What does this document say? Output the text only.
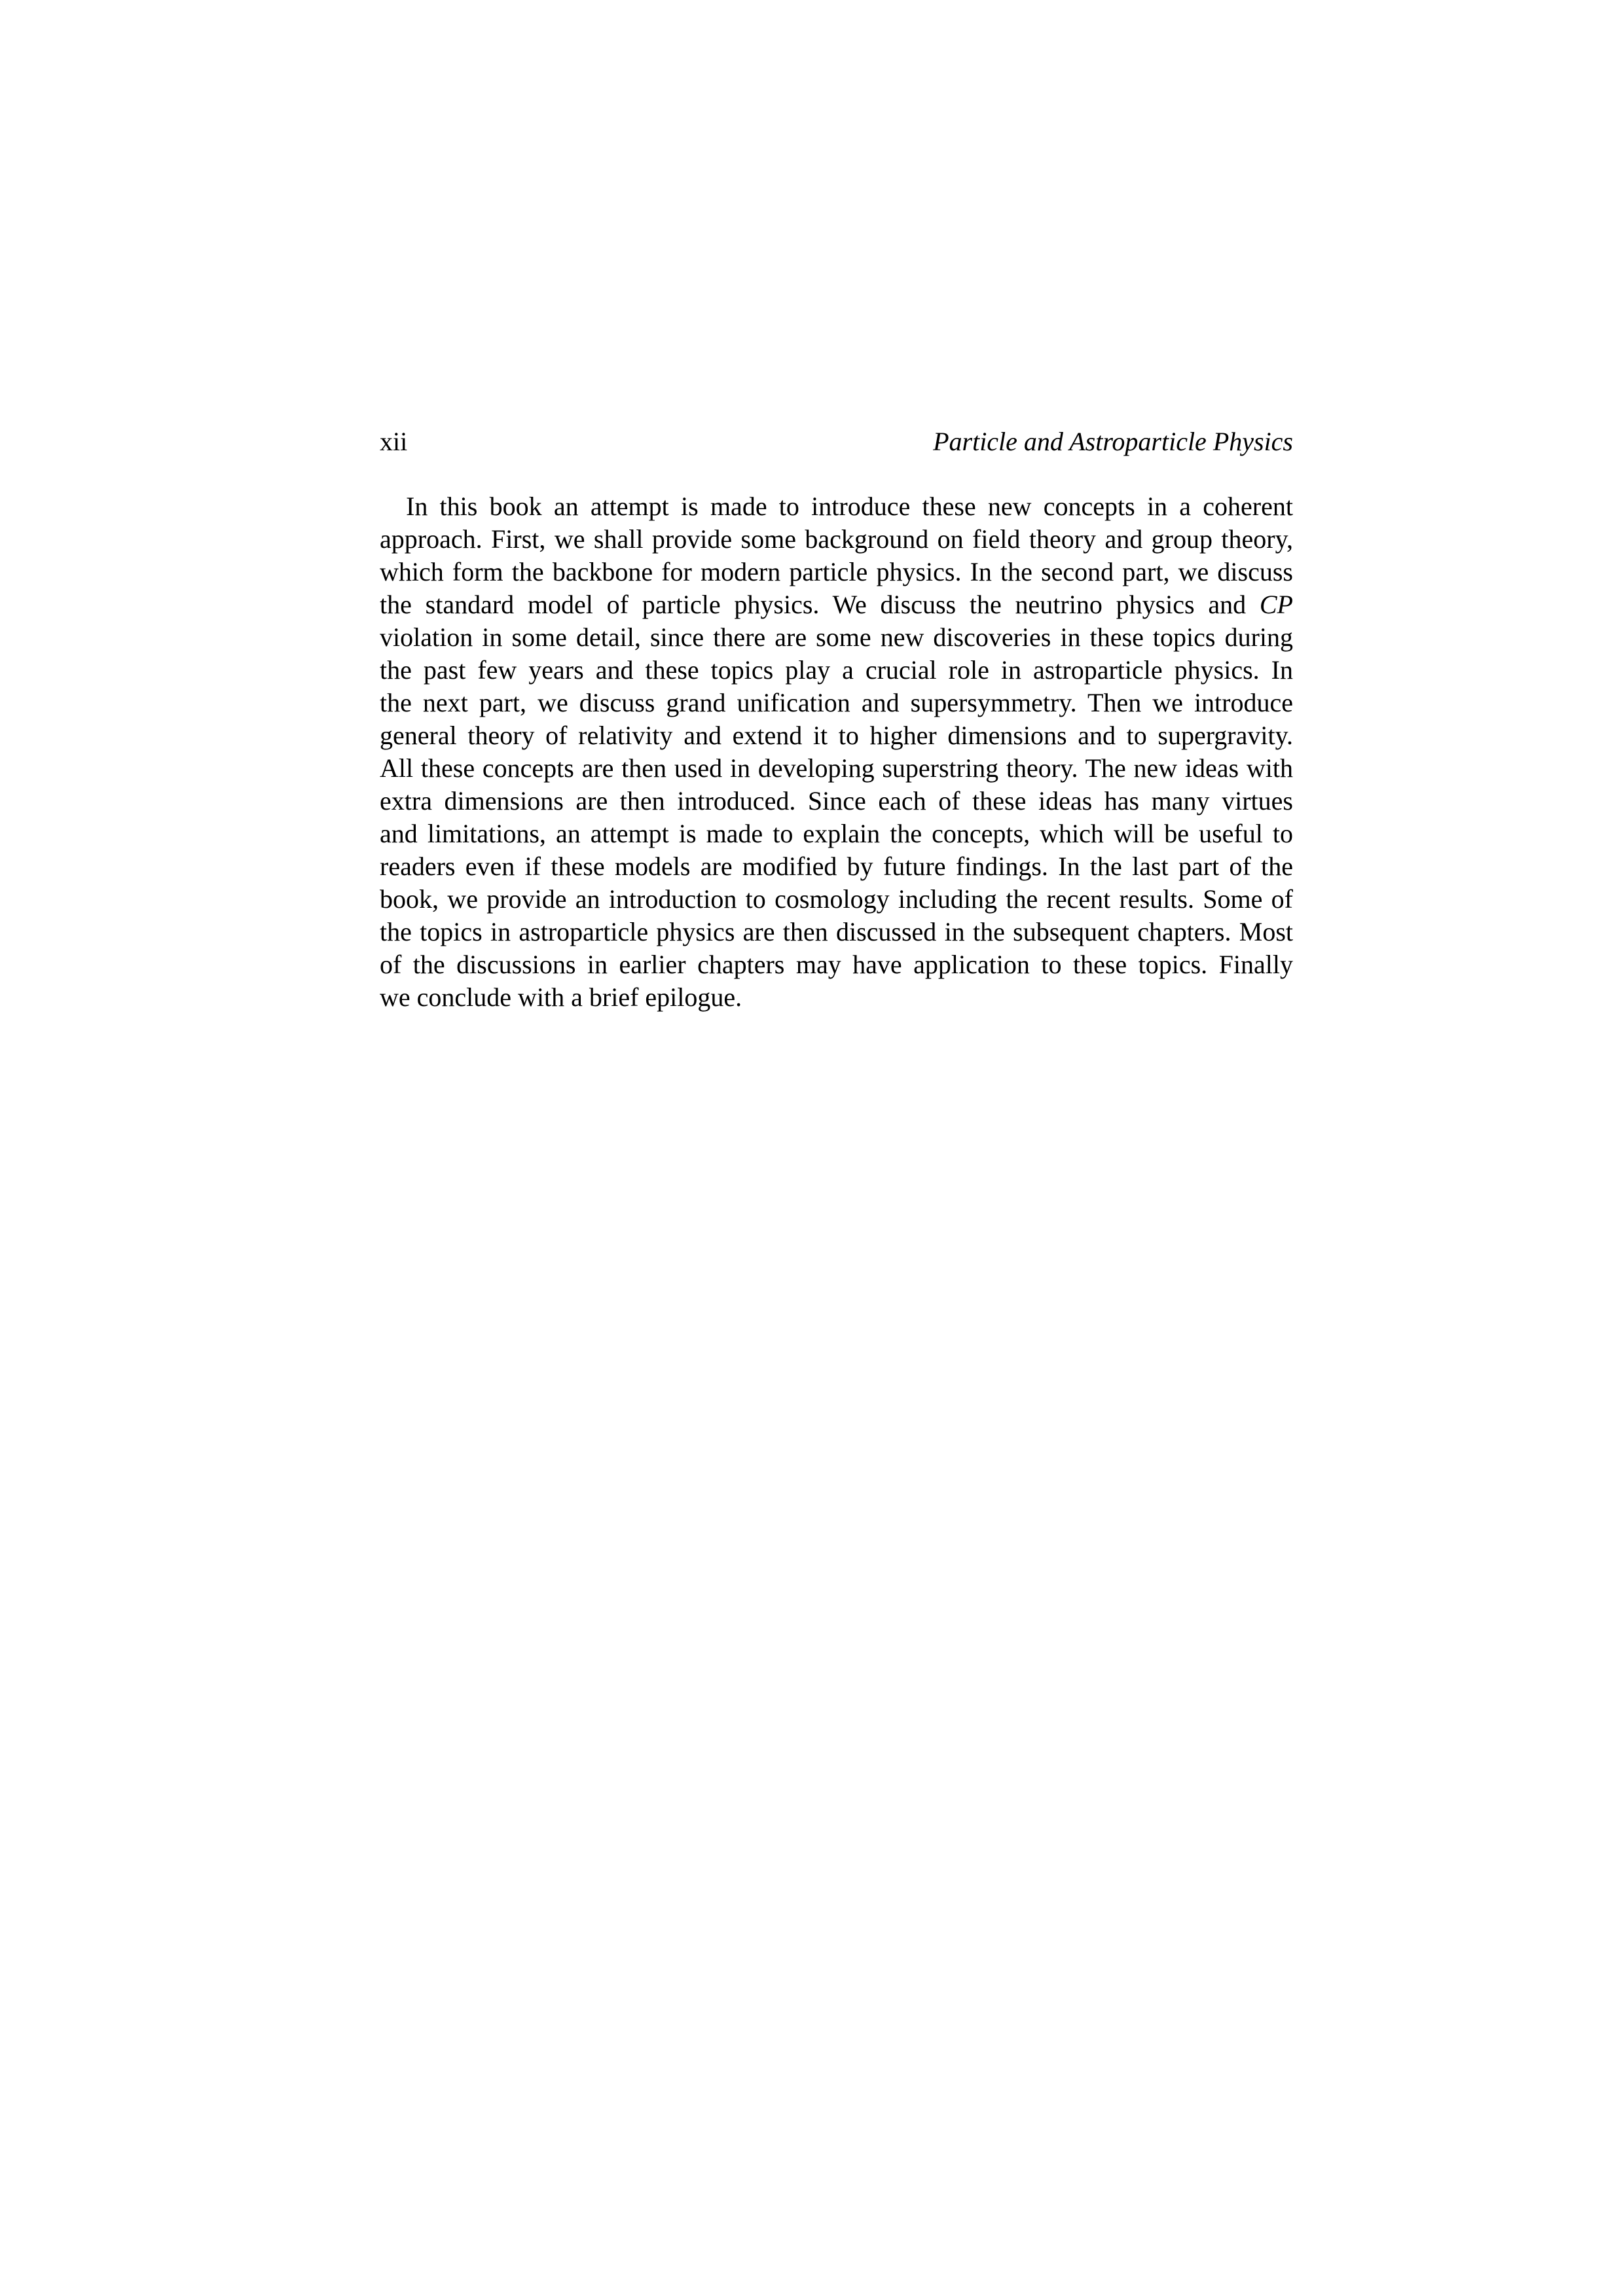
xii	Particle and Astroparticle Physics
In this book an attempt is made to introduce these new concepts in a coherent
approach. First, we shall provide some background on field theory and group theory,
which form the backbone for modern particle physics. In the second part, we discuss
the standard model of particle physics. We discuss the neutrino physics and CP
violation in some detail, since there are some new discoveries in these topics during
the past few years and these topics play a crucial role in astroparticle physics. In
the next part, we discuss grand unification and supersymmetry. Then we introduce
general theory of relativity and extend it to higher dimensions and to supergravity.
All these concepts are then used in developing superstring theory. The new ideas with
extra dimensions are then introduced. Since each of these ideas has many virtues
and limitations, an attempt is made to explain the concepts, which will be useful to
readers even if these models are modified by future findings. In the last part of the
book, we provide an introduction to cosmology including the recent results. Some of
the topics in astroparticle physics are then discussed in the subsequent chapters. Most
of the discussions in earlier chapters may have application to these topics. Finally
we conclude with a brief epilogue.
